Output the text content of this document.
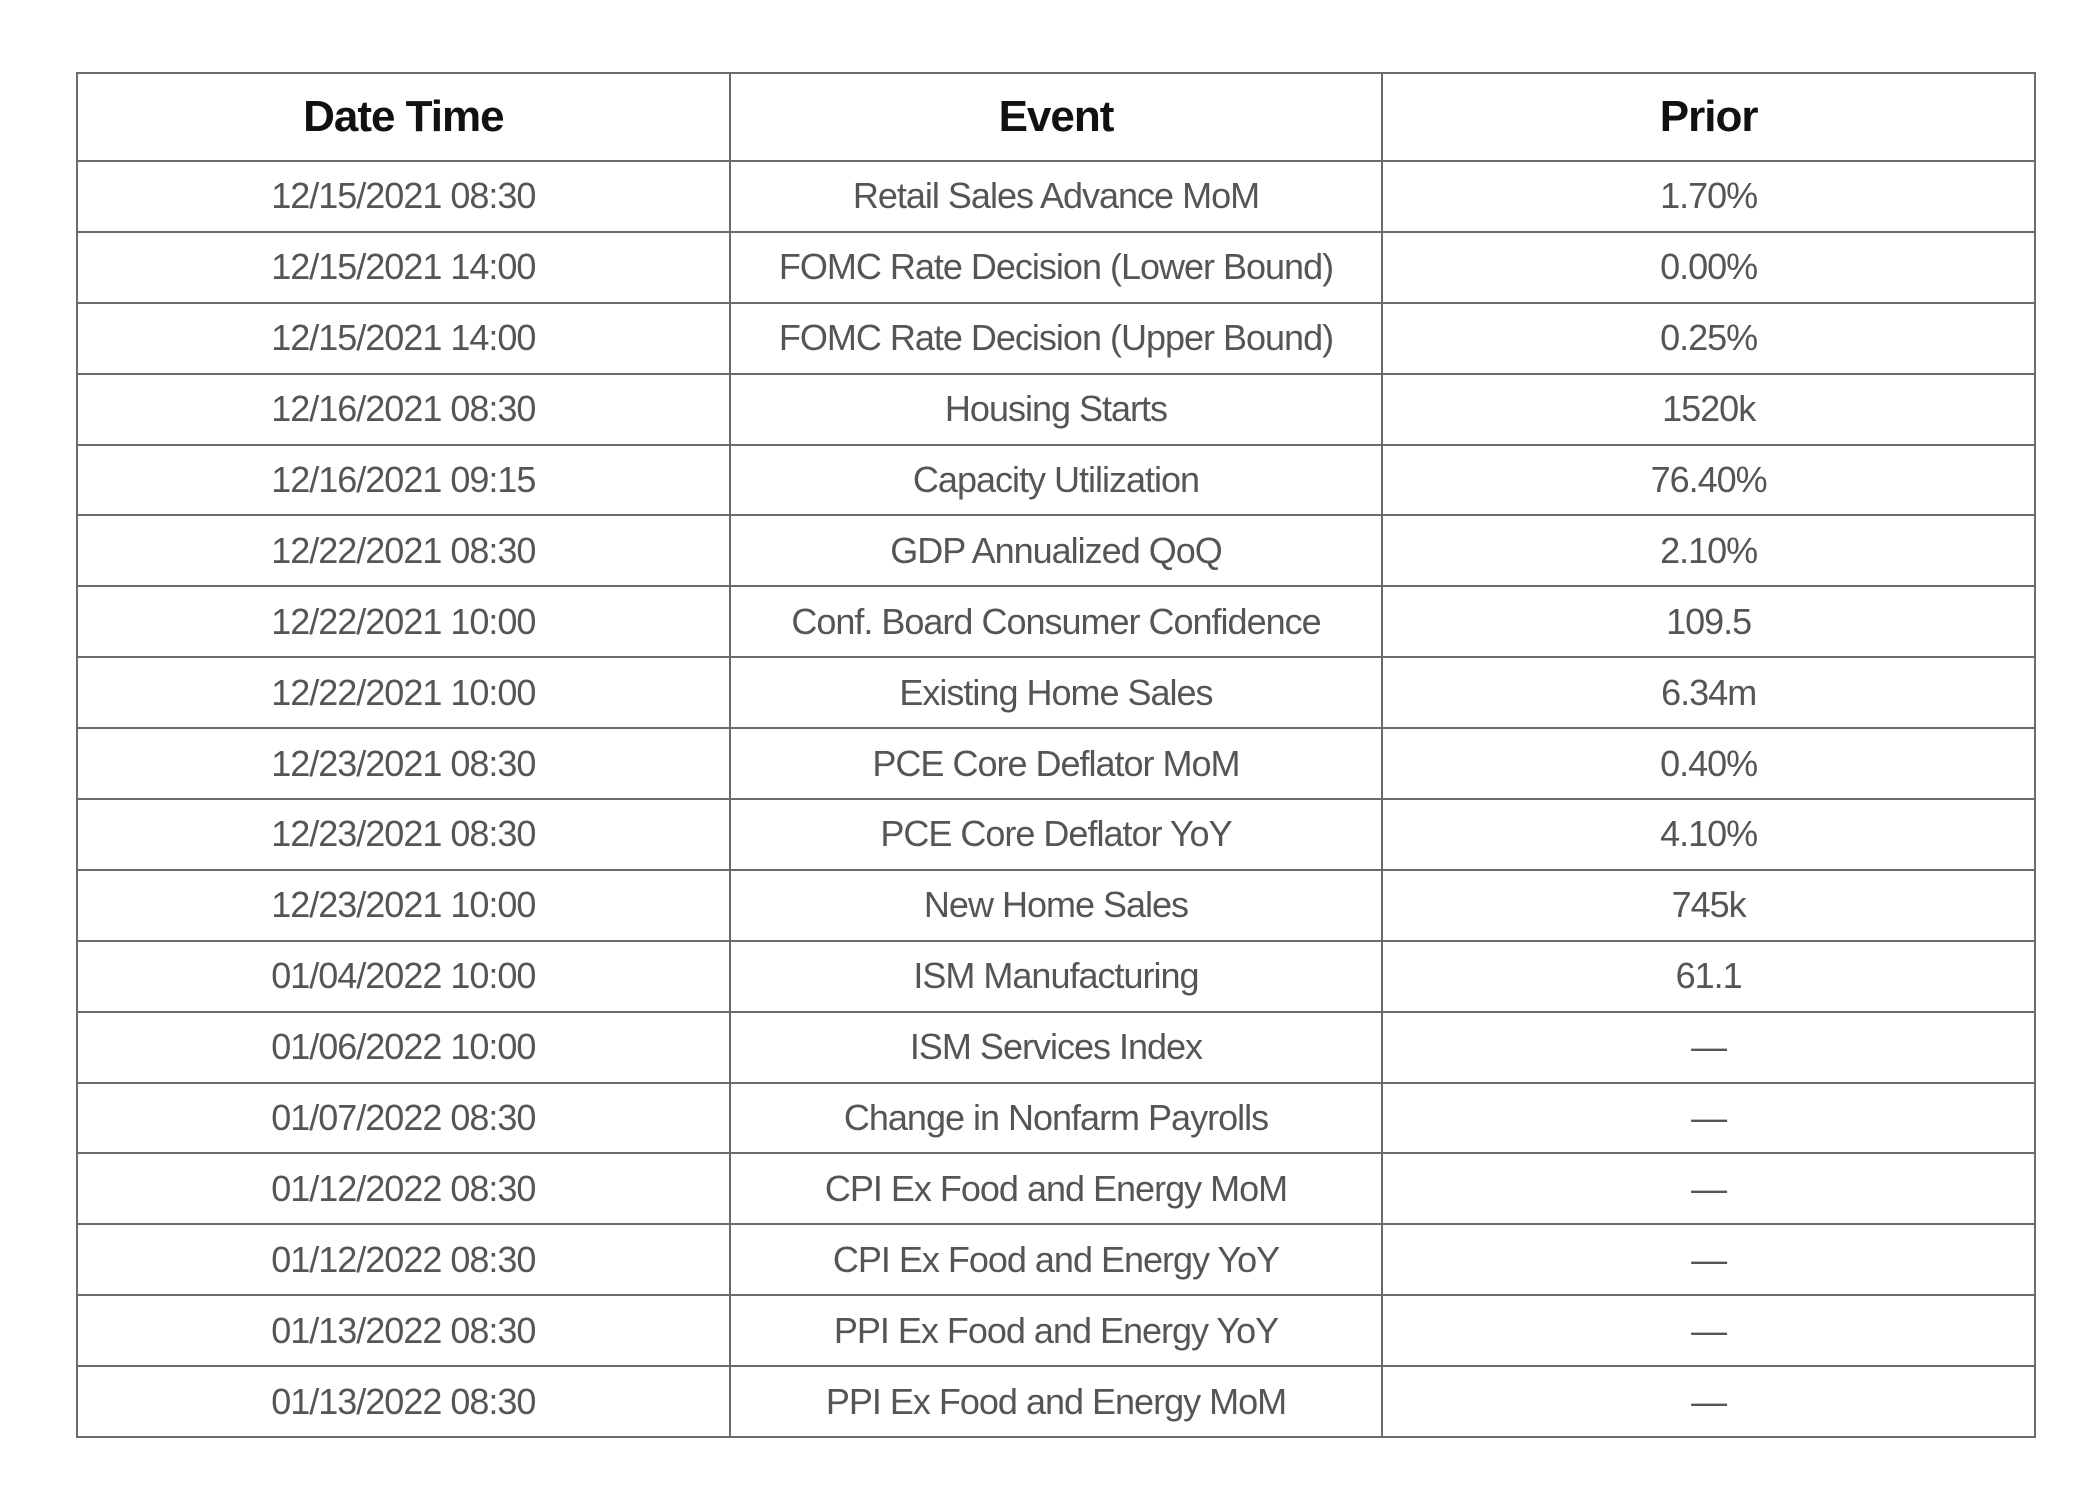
Date Time	Event	Prior
12/15/2021 08:30	Retail Sales Advance MoM	1.70%
12/15/2021 14:00	FOMC Rate Decision (Lower Bound)	0.00%
12/15/2021 14:00	FOMC Rate Decision (Upper Bound)	0.25%
12/16/2021 08:30	Housing Starts	1520k
12/16/2021 09:15	Capacity Utilization	76.40%
12/22/2021 08:30	GDP Annualized QoQ	2.10%
12/22/2021 10:00	Conf. Board Consumer Confidence	109.5
12/22/2021 10:00	Existing Home Sales	6.34m
12/23/2021 08:30	PCE Core Deflator MoM	0.40%
12/23/2021 08:30	PCE Core Deflator YoY	4.10%
12/23/2021 10:00	New Home Sales	745k
01/04/2022 10:00	ISM Manufacturing	61.1
01/06/2022 10:00	ISM Services Index	—
01/07/2022 08:30	Change in Nonfarm Payrolls	—
01/12/2022 08:30	CPI Ex Food and Energy MoM	—
01/12/2022 08:30	CPI Ex Food and Energy YoY	—
01/13/2022 08:30	PPI Ex Food and Energy YoY	—
01/13/2022 08:30	PPI Ex Food and Energy MoM	—
